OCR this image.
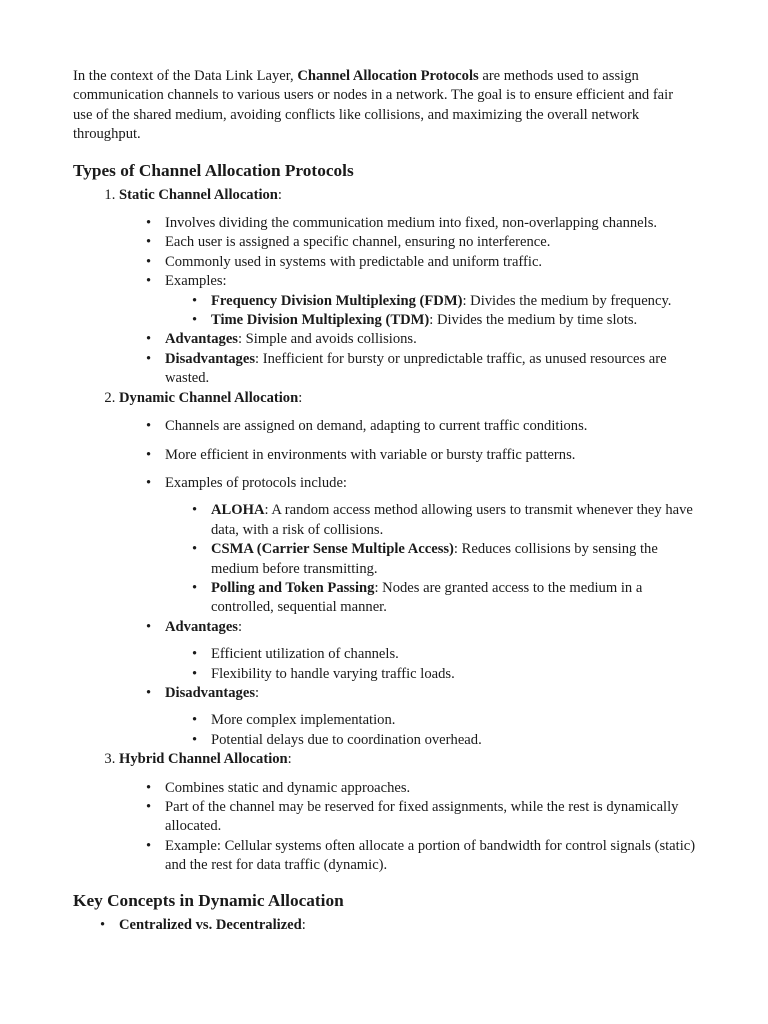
In the context of the Data Link Layer, Channel Allocation Protocols are methods used to assign communication channels to various users or nodes in a network. The goal is to ensure efficient and fair use of the shared medium, avoiding conflicts like collisions, and maximizing the overall network throughput.

Types of Channel Allocation Protocols
1. Static Channel Allocation:
• Involves dividing the communication medium into fixed, non-overlapping channels.
• Each user is assigned a specific channel, ensuring no interference.
• Commonly used in systems with predictable and uniform traffic.
• Examples:
• Frequency Division Multiplexing (FDM): Divides the medium by frequency.
• Time Division Multiplexing (TDM): Divides the medium by time slots.
• Advantages: Simple and avoids collisions.
• Disadvantages: Inefficient for bursty or unpredictable traffic, as unused resources are wasted.
2. Dynamic Channel Allocation:
• Channels are assigned on demand, adapting to current traffic conditions.
• More efficient in environments with variable or bursty traffic patterns.
• Examples of protocols include:
• ALOHA: A random access method allowing users to transmit whenever they have data, with a risk of collisions.
• CSMA (Carrier Sense Multiple Access): Reduces collisions by sensing the medium before transmitting.
• Polling and Token Passing: Nodes are granted access to the medium in a controlled, sequential manner.
• Advantages:
• Efficient utilization of channels.
• Flexibility to handle varying traffic loads.
• Disadvantages:
• More complex implementation.
• Potential delays due to coordination overhead.
3. Hybrid Channel Allocation:
• Combines static and dynamic approaches.
• Part of the channel may be reserved for fixed assignments, while the rest is dynamically allocated.
• Example: Cellular systems often allocate a portion of bandwidth for control signals (static) and the rest for data traffic (dynamic).
Key Concepts in Dynamic Allocation
• Centralized vs. Decentralized:
